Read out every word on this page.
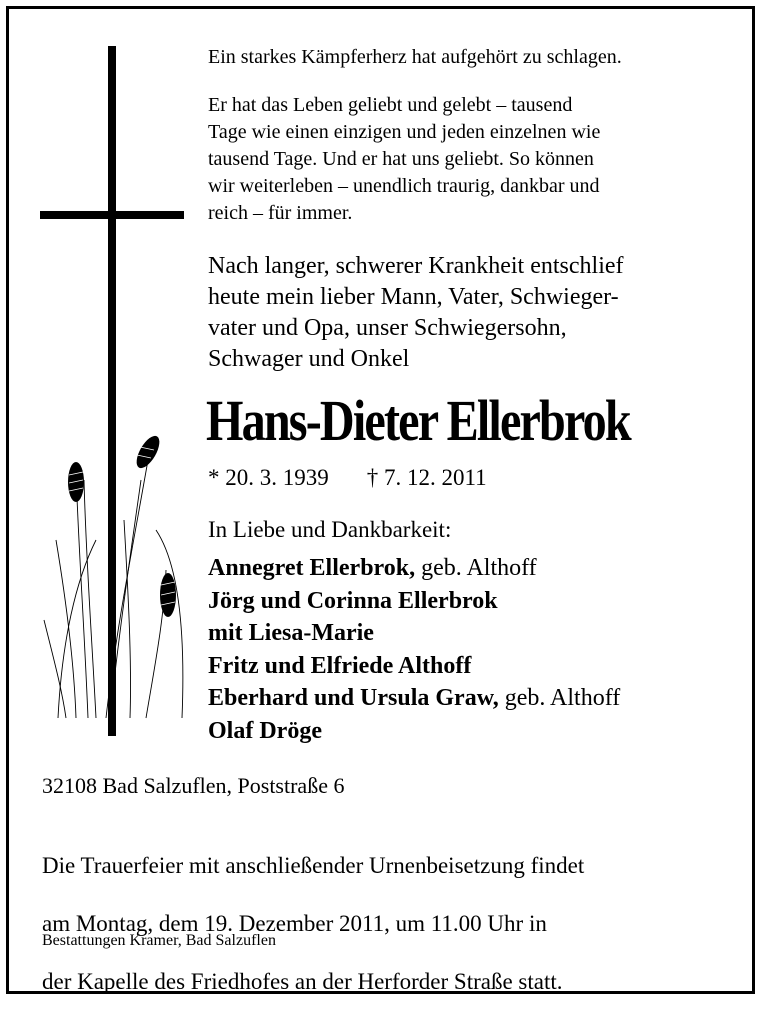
Ein starkes Kämpferherz hat aufgehört zu schlagen.
Er hat das Leben geliebt und gelebt – tausend
Tage wie einen einzigen und jeden einzelnen wie
tausend Tage. Und er hat uns geliebt. So können
wir weiterleben – unendlich traurig, dankbar und
reich – für immer.
Nach langer, schwerer Krankheit entschlief
heute mein lieber Mann, Vater, Schwieger-
vater und Opa, unser Schwiegersohn,
Schwager und Onkel
Hans-Dieter Ellerbrok
* 20. 3. 1939 † 7. 12. 2011
In Liebe und Dankbarkeit:
Annegret Ellerbrok, geb. Althoff
Jörg und Corinna Ellerbrok
mit Liesa-Marie
Fritz und Elfriede Althoff
Eberhard und Ursula Graw, geb. Althoff
Olaf Dröge
32108 Bad Salzuflen, Poststraße 6

Die Trauerfeier mit anschließender Urnenbeisetzung findet

am Montag, dem 19. Dezember 2011, um 11.00 Uhr in

der Kapelle des Friedhofes an der Herforder Straße statt.

Bestattungen Kramer, Bad Salzuflen
